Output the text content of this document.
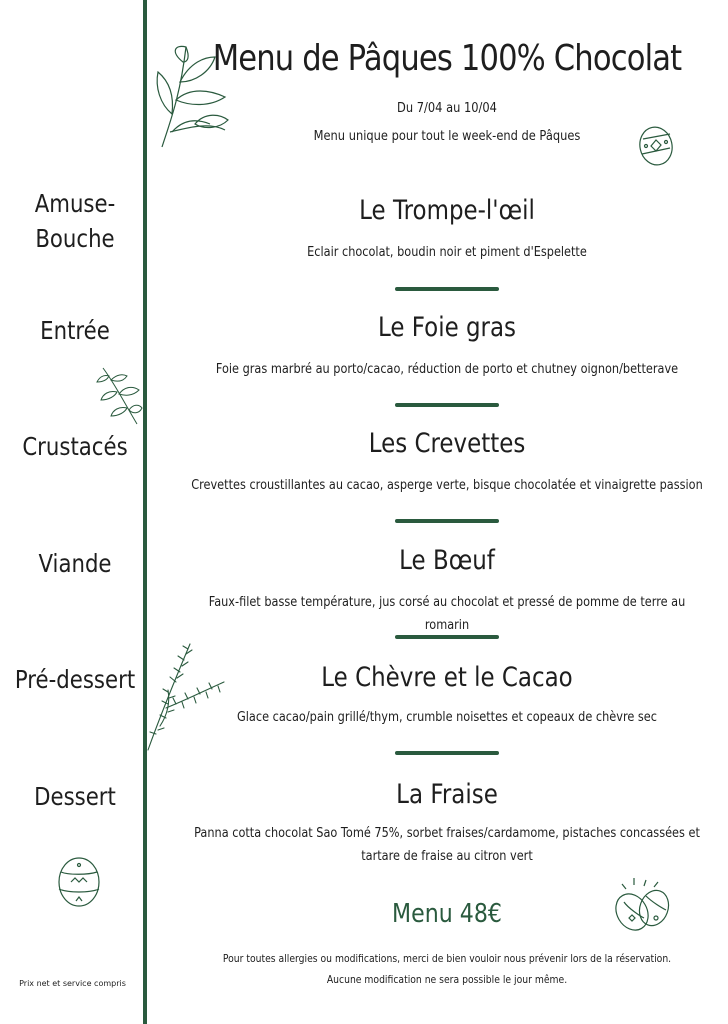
Menu de Pâques 100% Chocolat
Du 7/04 au 10/04
Menu unique pour tout le week-end de Pâques
Amuse-
Bouche
Le Trompe-l'œil
Eclair chocolat, boudin noir et piment d'Espelette
Entrée	Le Foie gras
Foie gras marbré au porto/cacao, réduction de porto et chutney oignon/betterave
Crustacés	Les Crevettes
Crevettes croustillantes au cacao, asperge verte, bisque chocolatée et vinaigrette passion
Viande	Le Bœuf
Faux-filet basse température, jus corsé au chocolat et pressé de pomme de terre au romarin
Pré-dessert	Le Chèvre et le Cacao
Glace cacao/pain grillé/thym, crumble noisettes et copeaux de chèvre sec
Dessert	La Fraise
Panna cotta chocolat Sao Tomé 75%, sorbet fraises/cardamome, pistaches concassées et
tartare de fraise au citron vert
Menu 48€
Pour toutes allergies ou modifications, merci de bien vouloir nous prévenir lors de la réservation.
Aucune modification ne sera possible le jour même.
Prix net et service compris
